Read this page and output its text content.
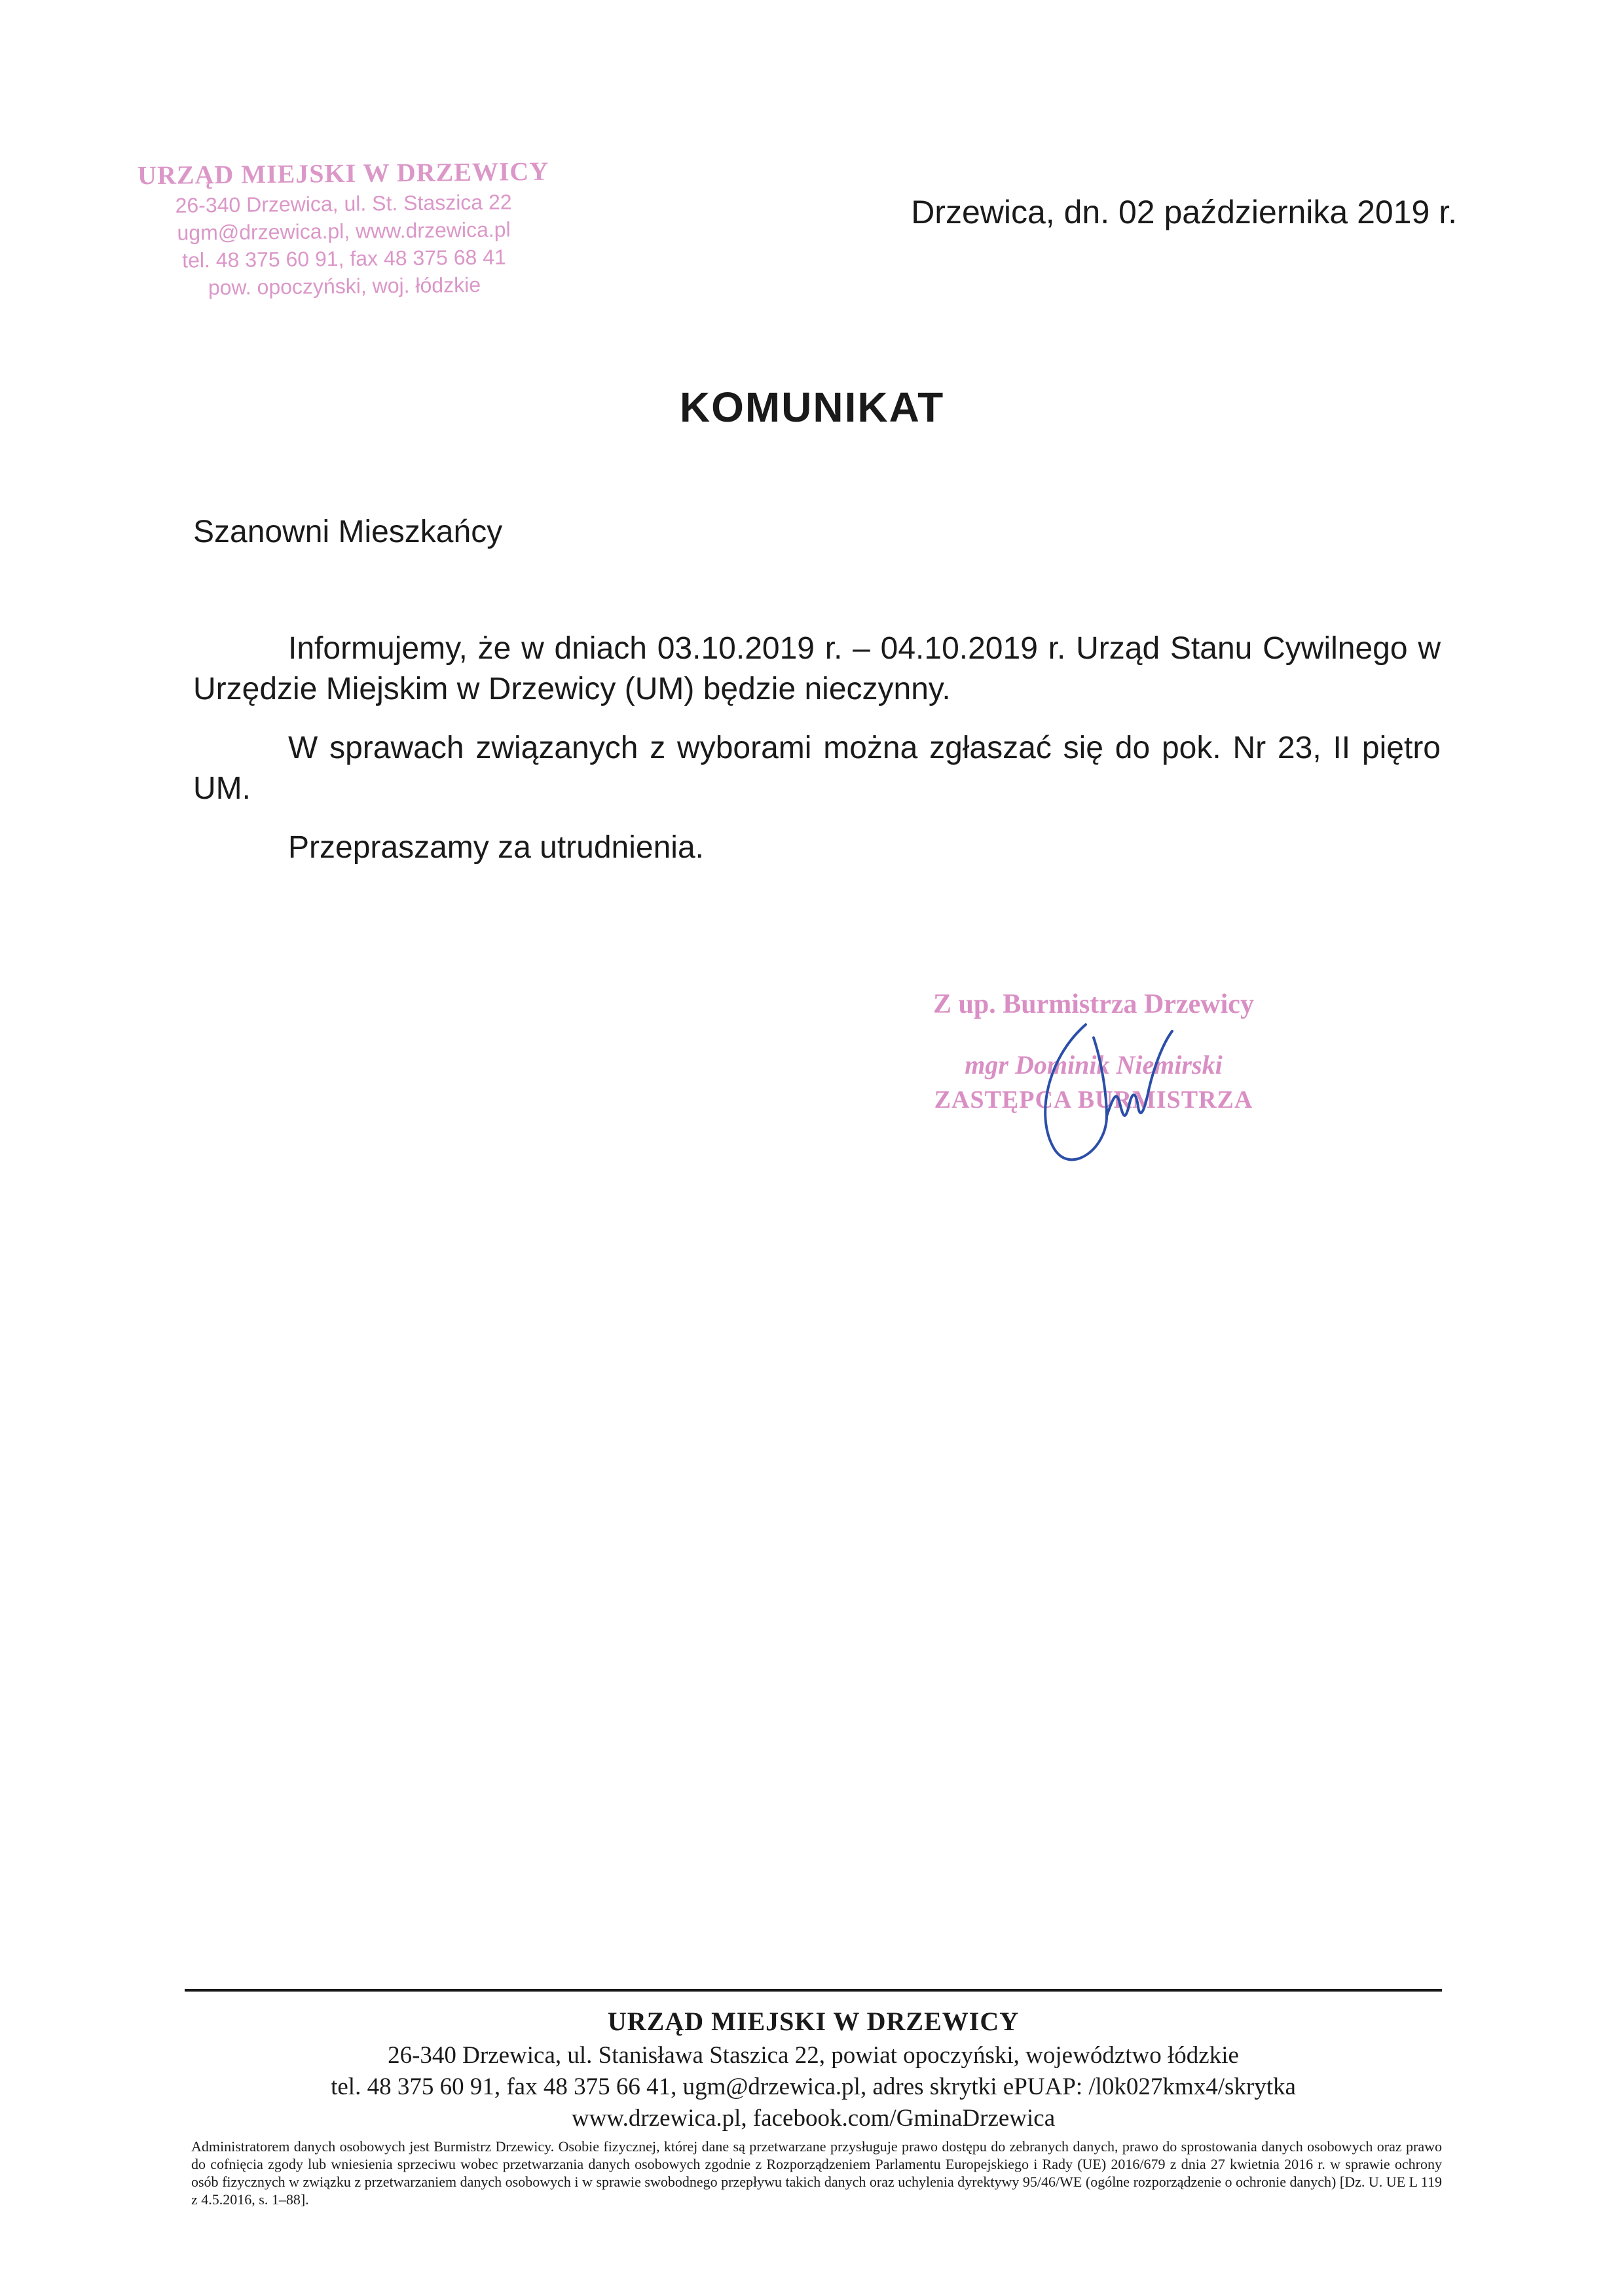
URZĄD MIEJSKI W DRZEWICY
26-340 Drzewica, ul. St. Staszica 22
ugm@drzewica.pl, www.drzewica.pl
tel. 48 375 60 91, fax 48 375 68 41
pow. opoczyński, woj. łódzkie
Drzewica, dn. 02 października 2019 r.
KOMUNIKAT
Szanowni Mieszkańcy

Informujemy, że w dniach 03.10.2019 r. – 04.10.2019 r. Urząd Stanu Cywilnego w Urzędzie Miejskim w Drzewicy (UM) będzie nieczynny.

W sprawach związanych z wyborami można zgłaszać się do pok. Nr 23, II piętro UM.

Przepraszamy za utrudnienia.

Z up. Burmistrza Drzewicy
mgr Dominik Niemirski
ZASTĘPCA BURMISTRZA
URZĄD MIEJSKI W DRZEWICY
26-340 Drzewica, ul. Stanisława Staszica 22, powiat opoczyński, województwo łódzkie
tel. 48 375 60 91, fax 48 375 66 41, ugm@drzewica.pl, adres skrytki ePUAP: /l0k027kmx4/skrytka
www.drzewica.pl, facebook.com/GminaDrzewica
Administratorem danych osobowych jest Burmistrz Drzewicy. Osobie fizycznej, której dane są przetwarzane przysługuje prawo dostępu do zebranych danych, prawo do sprostowania danych osobowych oraz prawo do cofnięcia zgody lub wniesienia sprzeciwu wobec przetwarzania danych osobowych zgodnie z Rozporządzeniem Parlamentu Europejskiego i Rady (UE) 2016/679 z dnia 27 kwietnia 2016 r. w sprawie ochrony osób fizycznych w związku z przetwarzaniem danych osobowych i w sprawie swobodnego przepływu takich danych oraz uchylenia dyrektywy 95/46/WE (ogólne rozporządzenie o ochronie danych) [Dz. U. UE L 119 z 4.5.2016, s. 1–88].
